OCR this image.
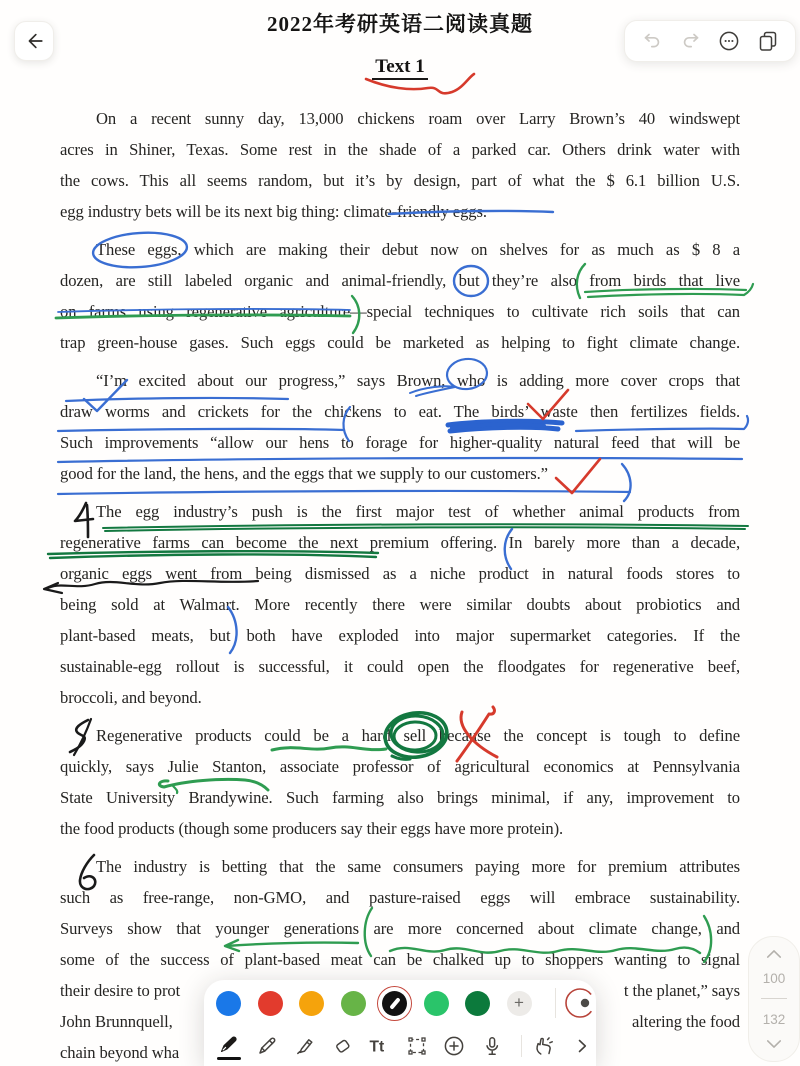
2022年考研英语二阅读真题
Text 1
On a recent sunny day, 13,000 chickens roam over Larry Brown’s 40 windswept
acres in Shiner, Texas. Some rest in the shade of a parked car. Others drink water with
the cows. This all seems random, but it’s by design, part of what the $ 6.1 billion U.S.
egg industry bets will be its next big thing: climate-friendly eggs.
These eggs, which are making their debut now on shelves for as much as $ 8 a
dozen, are still labeled organic and animal-friendly, but they’re also from birds that live
on farms using regenerative agriculture—special techniques to cultivate rich soils that can
trap green-house gases. Such eggs could be marketed as helping to fight climate change.
“I’m excited about our progress,” says Brown, who is adding more cover crops that
draw worms and crickets for the chickens to eat. The birds’ waste then fertilizes fields.
Such improvements “allow our hens to forage for higher-quality natural feed that will be
good for the land, the hens, and the eggs that we supply to our customers.”
The egg industry’s push is the first major test of whether animal products from
regenerative farms can become the next premium offering. In barely more than a decade,
organic eggs went from being dismissed as a niche product in natural foods stores to
being sold at Walmart. More recently there were similar doubts about probiotics and
plant-based meats, but both have exploded into major supermarket categories. If the
sustainable-egg rollout is successful, it could open the floodgates for regenerative beef,
broccoli, and beyond.
Regenerative products could be a hard sell because the concept is tough to define
quickly, says Julie Stanton, associate professor of agricultural economics at Pennsylvania
State University Brandywine. Such farming also brings minimal, if any, improvement to
the food products (though some producers say their eggs have more protein).
The industry is betting that the same consumers paying more for premium attributes
such as free-range, non-GMO, and pasture-raised eggs will embrace sustainability.
Surveys show that younger generations are more concerned about climate change, and
some of the success of plant-based meat can be chalked up to shoppers wanting to signal
their desire to prot	t the planet,” says
John Brunnquell,	altering the food
chain beyond wha
100
132
+
Tt
